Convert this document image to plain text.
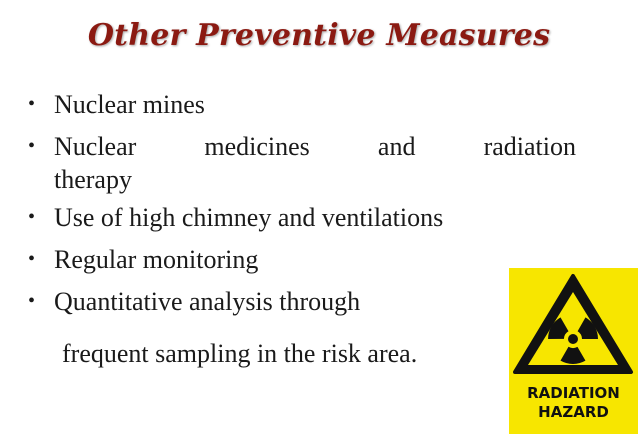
Other Preventive Measures
• Nuclear mines
• Nuclear	medicines	and	radiation
therapy
• Use of high chimney and ventilations
• Regular monitoring
• Quantitative analysis through
frequent sampling in the risk area.
RADIATION
HAZARD
